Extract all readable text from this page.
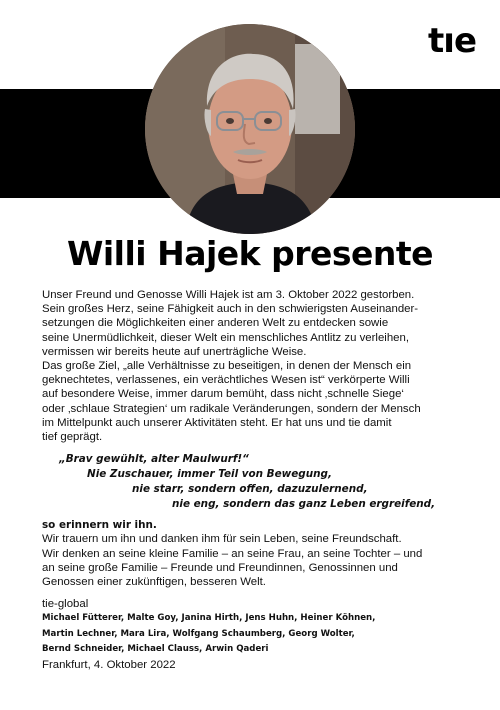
tıe
Willi Hajek presente

Unser Freund und Genosse Willi Hajek ist am 3. Oktober 2022 gestorben.
Sein großes Herz, seine Fähigkeit auch in den schwierigsten Auseinander-
setzungen die Möglichkeiten einer anderen Welt zu entdecken sowie
seine Unermüdlichkeit, dieser Welt ein menschliches Antlitz zu verleihen,
vermissen wir bereits heute auf unerträgliche Weise.
Das große Ziel, „alle Verhältnisse zu beseitigen, in denen der Mensch ein
geknechtetes, verlassenes, ein verächtliches Wesen ist“ verkörperte Willi
auf besondere Weise, immer darum bemüht, dass nicht ‚schnelle Siege‘
oder ‚schlaue Strategien‘ um radikale Veränderungen, sondern der Mensch
im Mittelpunkt auch unserer Aktivitäten steht. Er hat uns und tie damit
tief geprägt.

„Brav gewühlt, alter Maulwurf!“
Nie Zuschauer, immer Teil von Bewegung,
nie starr, sondern offen, dazuzulernend,
nie eng, sondern das ganz Leben ergreifend,
so erinnern wir ihn.

Wir trauern um ihn und danken ihm für sein Leben, seine Freundschaft.
Wir denken an seine kleine Familie – an seine Frau, an seine Tochter – und
an seine große Familie – Freunde und Freundinnen, Genossinnen und
Genossen einer zukünftigen, besseren Welt.

tie-global
Michael Fütterer, Malte Goy, Janina Hirth, Jens Huhn, Heiner Köhnen,
Martin Lechner, Mara Lira, Wolfgang Schaumberg, Georg Wolter,
Bernd Schneider, Michael Clauss, Arwin Qaderi
Frankfurt, 4. Oktober 2022
